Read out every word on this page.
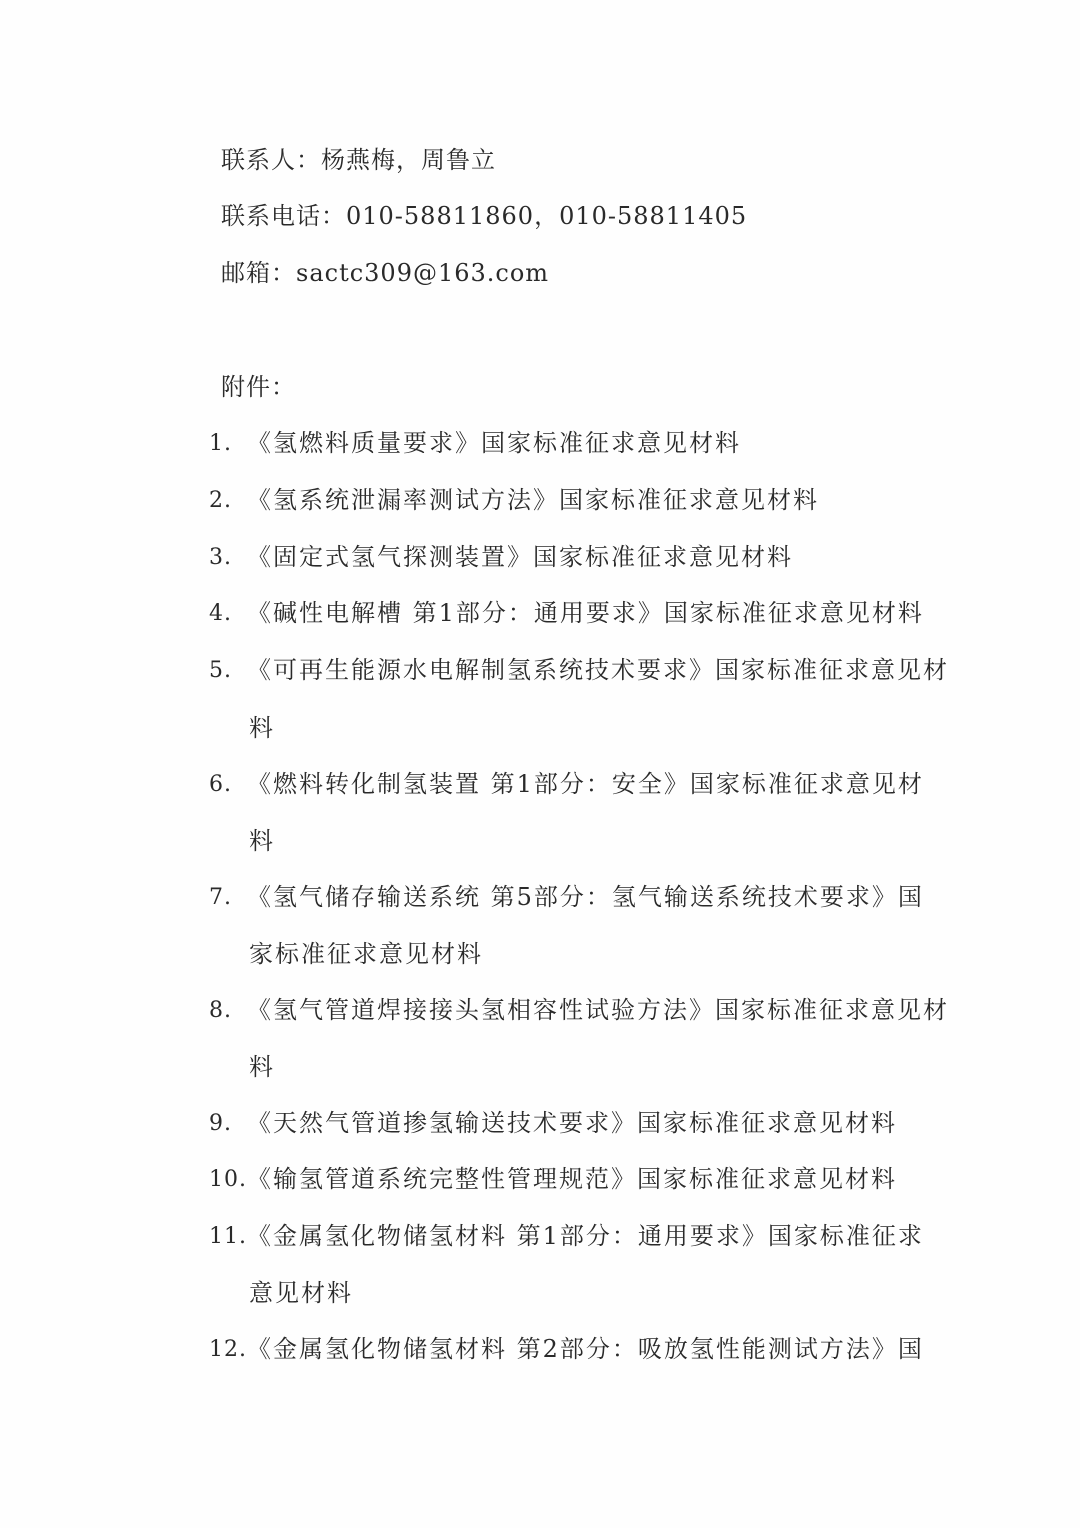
联系人：杨燕梅，周鲁立
联系电话：010-58811860，010-58811405
邮箱：sactc309@163.com
附件：
1. 《氢燃料质量要求》国家标准征求意见材料
2. 《氢系统泄漏率测试方法》国家标准征求意见材料
3. 《固定式氢气探测装置》国家标准征求意见材料
4. 《碱性电解槽 第1部分：通用要求》国家标准征求意见材料
5. 《可再生能源水电解制氢系统技术要求》国家标准征求意见材
料
6. 《燃料转化制氢装置 第1部分：安全》国家标准征求意见材
料
7. 《氢气储存输送系统 第5部分：氢气输送系统技术要求》国
家标准征求意见材料
8. 《氢气管道焊接接头氢相容性试验方法》国家标准征求意见材
料
9. 《天然气管道掺氢输送技术要求》国家标准征求意见材料
10. 《输氢管道系统完整性管理规范》国家标准征求意见材料
11. 《金属氢化物储氢材料 第1部分：通用要求》国家标准征求
意见材料
12. 《金属氢化物储氢材料 第2部分：吸放氢性能测试方法》国
